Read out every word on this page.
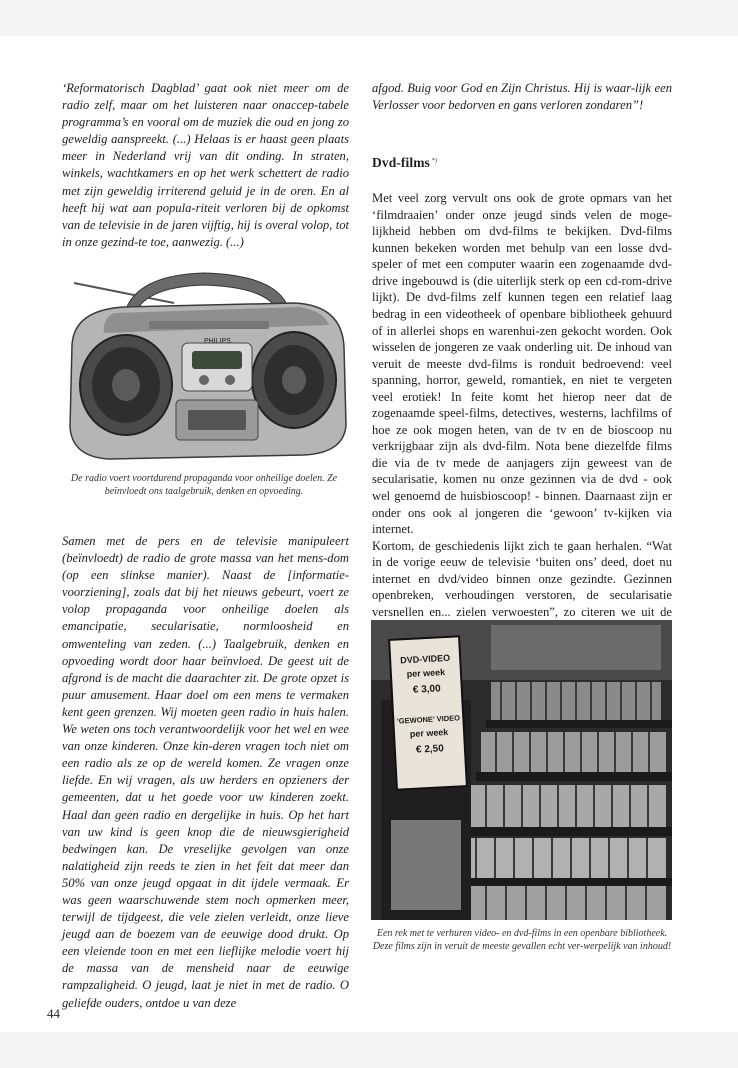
‘Reformatorisch Dagblad’ gaat ook niet meer om de radio zelf, maar om het luisteren naar onaccep-tabele programma’s en vooral om de muziek die oud en jong zo geweldig aanspreekt. (...) Helaas is er haast geen plaats meer in Nederland vrij van dit onding. In straten, winkels, wachtkamers en op het werk schettert de radio met zijn geweldig irriterend geluid je in de oren. En al heeft hij wat aan popula-riteit verloren bij de opkomst van de televisie in de jaren vijftig, hij is overal volop, tot in onze gezind-te toe, aanwezig. (...)

PHILIPS
De radio voert voortdurend propaganda voor onheilige doelen. Ze beïnvloedt ons taalgebruik, denken en opvoeding.

Samen met de pers en de televisie manipuleert (beïnvloedt) de radio de grote massa van het mens-dom (op een slinkse manier). Naast de [informatie-voorziening], zoals dat bij het nieuws gebeurt, voert ze volop propaganda voor onheilige doelen als emancipatie, secularisatie, normloosheid en omwenteling van zeden. (...) Taalgebruik, denken en opvoeding wordt door haar beïnvloed. De geest uit de afgrond is de macht die daarachter zit. De grote opzet is puur amusement. Haar doel om een mens te vermaken kent geen grenzen. Wij moeten geen radio in huis halen. We weten ons toch verantwoordelijk voor het wel en wee van onze kinderen. Onze kin-deren vragen toch niet om een radio als ze op de wereld komen. Ze vragen onze liefde. En wij vragen, als uw herders en opzieners der gemeenten, dat u het goede voor uw kinderen zoekt. Haal dan geen radio en dergelijke in huis. Op het hart van uw kind is geen knop die de nieuwsgierigheid bedwingen kan. De vreselijke gevolgen van onze nalatigheid zijn reeds te zien in het feit dat meer dan 50% van onze jeugd opgaat in dit ijdele vermaak. Er was geen waarschuwende stem noch opmerken meer, terwijl de tijdgeest, die vele zielen verleidt, onze lieve jeugd aan de boezem van de eeuwige dood drukt. Op een vleiende toon en met een lieflijke melodie voert hij de massa van de mensheid naar de eeuwige rampzaligheid. O jeugd, laat je niet in met de radio. O geliefde ouders, ontdoe u van deze

afgod. Buig voor God en Zijn Christus. Hij is waar-lijk een Verlosser voor bedorven en gans verloren zondaren”!

Dvd-films *)

Met veel zorg vervult ons ook de grote opmars van het ‘filmdraaien’ onder onze jeugd sinds velen de moge-lijkheid hebben om dvd-films te bekijken. Dvd-films kunnen bekeken worden met behulp van een losse dvd-speler of met een computer waarin een zogenaamde dvd-drive ingebouwd is (die uiterlijk sterk op een cd-rom-drive lijkt). De dvd-films zelf kunnen tegen een relatief laag bedrag in een videotheek of openbare bibliotheek gehuurd of in allerlei shops en warenhui-zen gekocht worden. Ook wisselen de jongeren ze vaak onderling uit. De inhoud van veruit de meeste dvd-films is ronduit bedroevend: veel spanning, horror, geweld, romantiek, en niet te vergeten veel erotiek! In feite komt het hierop neer dat de zogenaamde speel-films, detectives, westerns, lachfilms of hoe ze ook mogen heten, van de tv en de bioscoop nu verkrijgbaar zijn als dvd-film. Nota bene diezelfde films die via de tv mede de aanjagers zijn geweest van de secularisatie, komen nu onze gezinnen via de dvd - ook wel genoemd de huisbioscoop! - binnen. Daarnaast zijn er onder ons ook al jongeren die ‘gewoon’ tv-kijken via internet.

Kortom, de geschiedenis lijkt zich te gaan herhalen. “Wat in de vorige eeuw de televisie ‘buiten ons’ deed, doet nu internet en dvd/video binnen onze gezindte. Gezinnen openbreken, verhoudingen verstoren, de secularisatie versnellen en... zielen verwoesten”, zo citeren we uit de

DVD-VIDEO
per week
€ 3,00
‘GEWONE’ VIDEO
per week
€ 2,50
Een rek met te verhuren video- en dvd-films in een openbare bibliotheek. Deze films zijn in veruit de meeste gevallen echt ver-werpelijk van inhoud!
44
